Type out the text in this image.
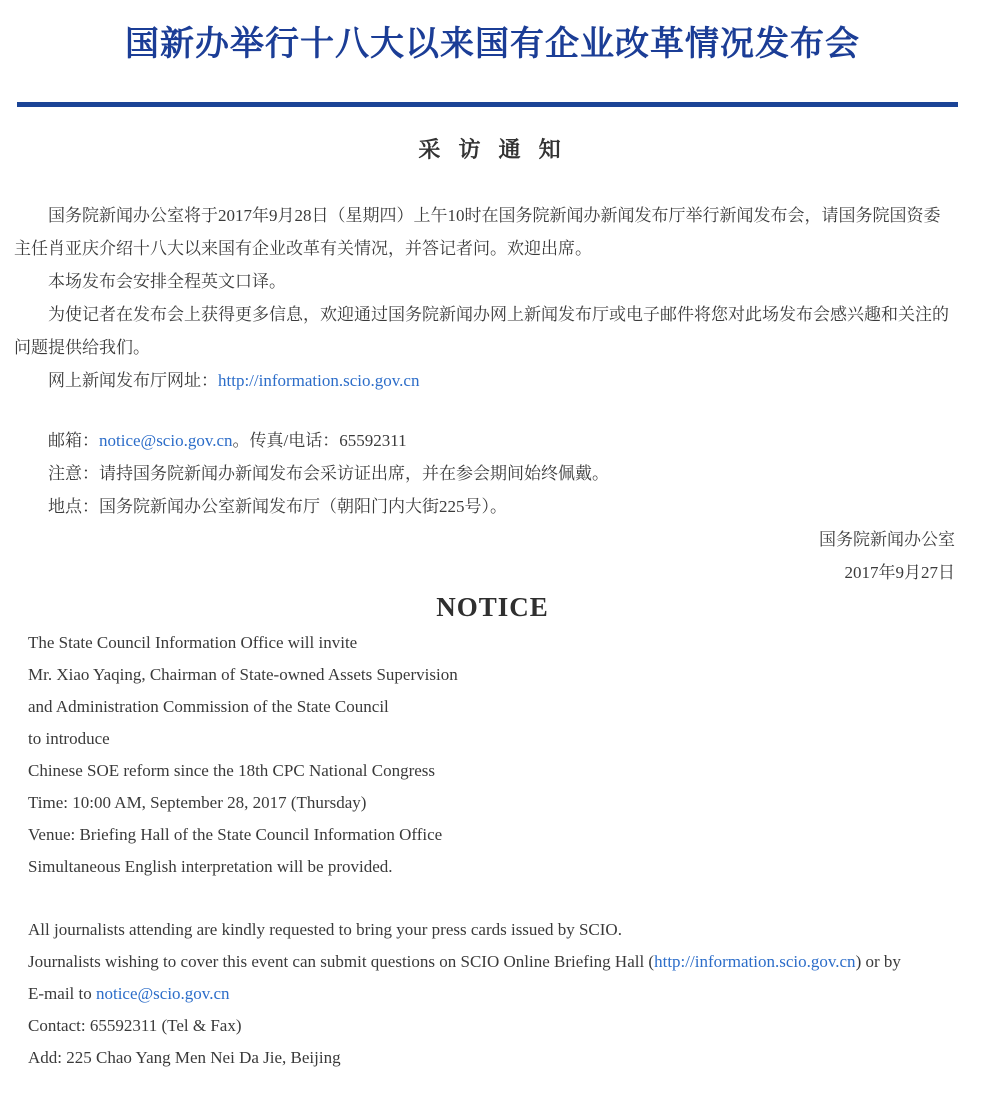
国新办举行十八大以来国有企业改革情况发布会
采 访 通 知

国务院新闻办公室将于2017年9月28日（星期四）上午10时在国务院新闻办新闻发布厅举行新闻发布会，请国务院国资委主任肖亚庆介绍十八大以来国有企业改革有关情况，并答记者问。欢迎出席。

本场发布会安排全程英文口译。

为使记者在发布会上获得更多信息，欢迎通过国务院新闻办网上新闻发布厅或电子邮件将您对此场发布会感兴趣和关注的问题提供给我们。

网上新闻发布厅网址：http://information.scio.gov.cn

邮箱：notice@scio.gov.cn。传真/电话：65592311

注意：请持国务院新闻办新闻发布会采访证出席，并在参会期间始终佩戴。

地点：国务院新闻办公室新闻发布厅（朝阳门内大街225号）。

国务院新闻办公室

2017年9月27日

NOTICE

The State Council Information Office will invite

Mr. Xiao Yaqing, Chairman of State-owned Assets Supervision

and Administration Commission of the State Council

to introduce

Chinese SOE reform since the 18th CPC National Congress

Time: 10:00 AM, September 28, 2017 (Thursday)

Venue: Briefing Hall of the State Council Information Office

Simultaneous English interpretation will be provided.

All journalists attending are kindly requested to bring your press cards issued by SCIO.

Journalists wishing to cover this event can submit questions on SCIO Online Briefing Hall (http://information.scio.gov.cn) or by

E-mail to notice@scio.gov.cn

Contact: 65592311 (Tel & Fax)

Add: 225 Chao Yang Men Nei Da Jie, Beijing
